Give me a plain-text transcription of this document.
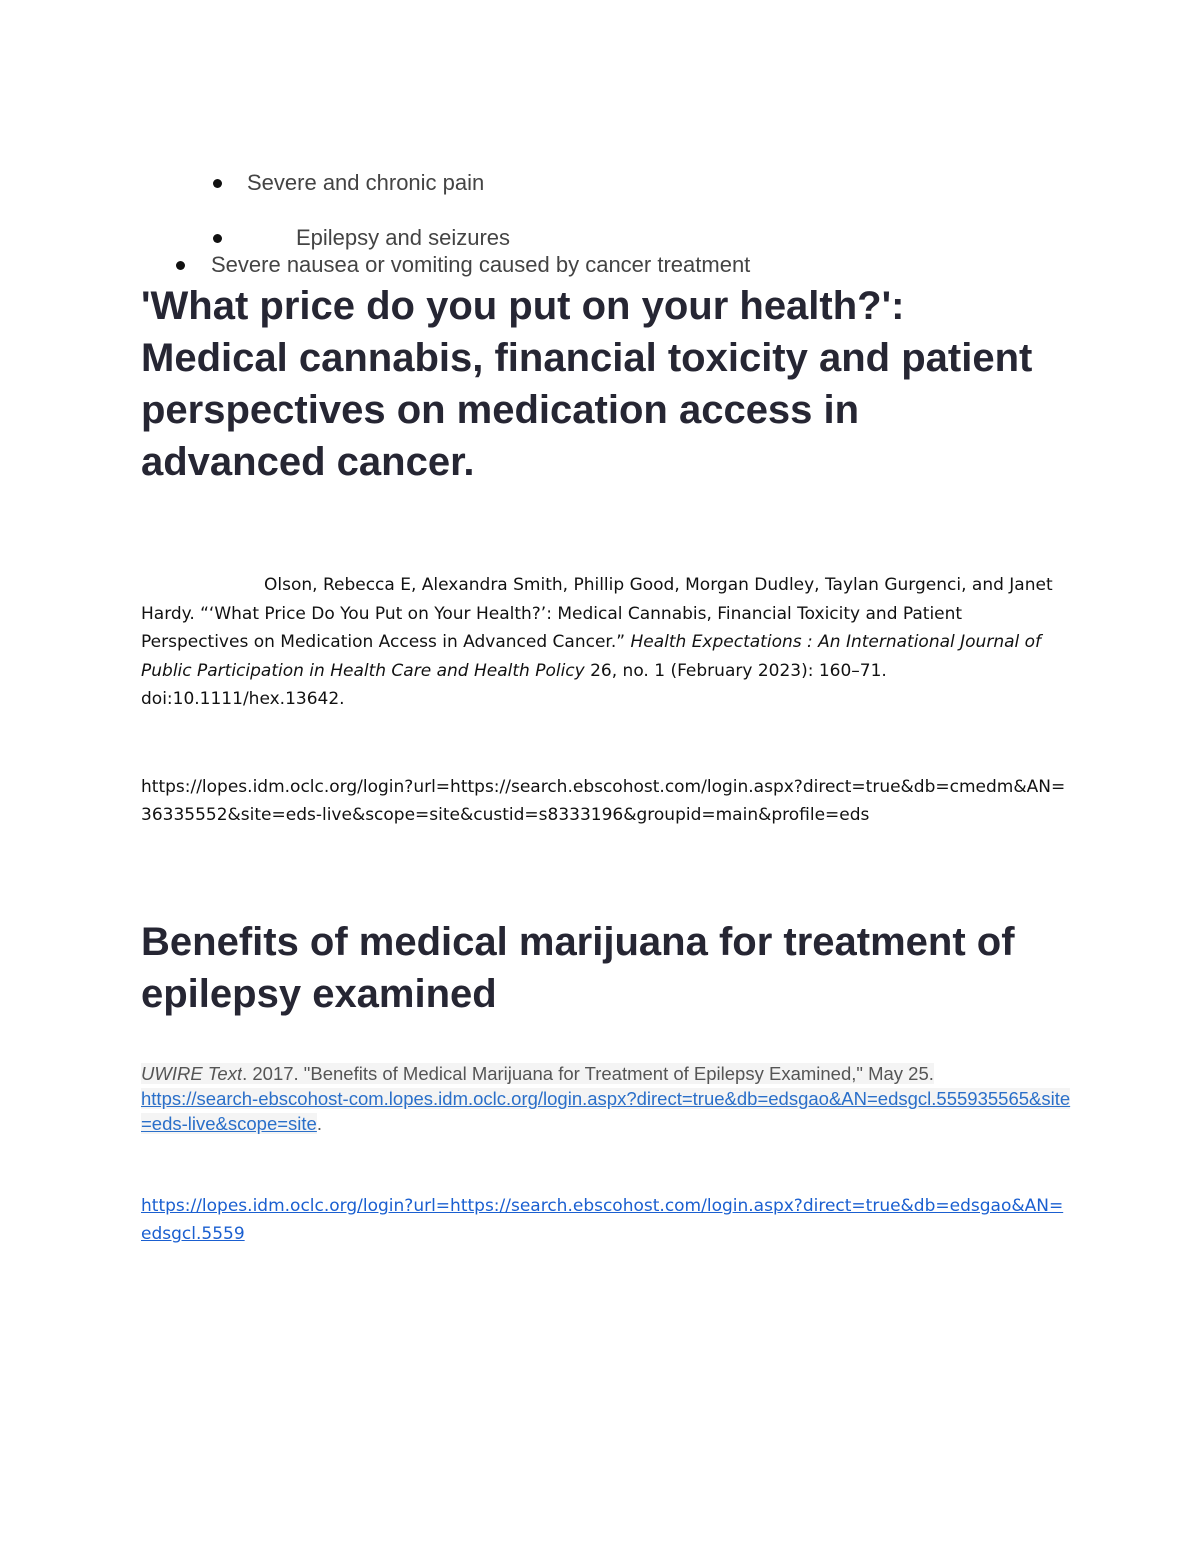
Severe and chronic pain
Epilepsy and seizures
Severe nausea or vomiting caused by cancer treatment
'What price do you put on your health?': Medical cannabis, financial toxicity and patient perspectives on medication access in advanced cancer.

Olson, Rebecca E, Alexandra Smith, Phillip Good, Morgan Dudley, Taylan Gurgenci, and Janet Hardy. “‘What Price Do You Put on Your Health?’: Medical Cannabis, Financial Toxicity and Patient Perspectives on Medication Access in Advanced Cancer.” Health Expectations : An International Journal of Public Participation in Health Care and Health Policy 26, no. 1 (February 2023): 160–71. doi:10.1111/hex.13642.

https://lopes.idm.oclc.org/login?url=https://search.ebscohost.com/login.aspx?direct=true&db=cmedm&AN=36335552&site=eds-live&scope=site&custid=s8333196&groupid=main&profile=eds

Benefits of medical marijuana for treatment of epilepsy examined

UWIRE Text. 2017. "Benefits of Medical Marijuana for Treatment of Epilepsy Examined," May 25.
https://search-ebscohost-com.lopes.idm.oclc.org/login.aspx?direct=true&db=edsgao&AN=edsgcl.555935565&site=eds-live&scope=site.

https://lopes.idm.oclc.org/login?url=https://search.ebscohost.com/login.aspx?direct=true&db=edsgao&AN=edsgcl.5559
